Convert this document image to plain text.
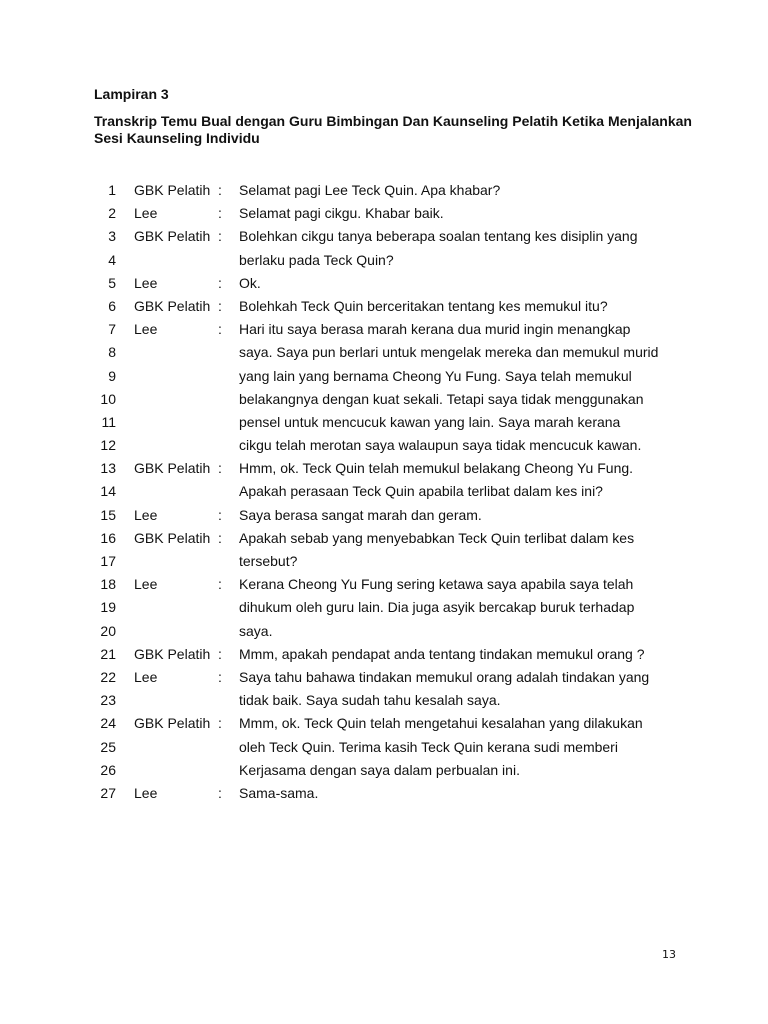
Lampiran 3

Transkrip Temu Bual dengan Guru Bimbingan Dan Kaunseling Pelatih Ketika Menjalankan Sesi Kaunseling Individu

1 GBK Pelatih : Selamat pagi Lee Teck Quin. Apa khabar?
2 Lee	: Selamat pagi cikgu. Khabar baik.
3 GBK Pelatih : Bolehkan cikgu tanya beberapa soalan tentang kes disiplin yang
4	berlaku pada Teck Quin?
5 Lee	: Ok.
6 GBK Pelatih : Bolehkah Teck Quin berceritakan tentang kes memukul itu?
7 Lee	: Hari itu saya berasa marah kerana dua murid ingin menangkap
8	saya. Saya pun berlari untuk mengelak mereka dan memukul murid
9	yang lain yang bernama Cheong Yu Fung. Saya telah memukul
10	belakangnya dengan kuat sekali. Tetapi saya tidak menggunakan
11	pensel untuk mencucuk kawan yang lain. Saya marah kerana
12	cikgu telah merotan saya walaupun saya tidak mencucuk kawan.
13 GBK Pelatih : Hmm, ok. Teck Quin telah memukul belakang Cheong Yu Fung.
14	Apakah perasaan Teck Quin apabila terlibat dalam kes ini?
15 Lee	: Saya berasa sangat marah dan geram.
16 GBK Pelatih : Apakah sebab yang menyebabkan Teck Quin terlibat dalam kes
17	tersebut?
18 Lee	: Kerana Cheong Yu Fung sering ketawa saya apabila saya telah
19	dihukum oleh guru lain. Dia juga asyik bercakap buruk terhadap
20	saya.
21 GBK Pelatih : Mmm, apakah pendapat anda tentang tindakan memukul orang ?
22 Lee	: Saya tahu bahawa tindakan memukul orang adalah tindakan yang
23	tidak baik. Saya sudah tahu kesalah saya.
24 GBK Pelatih : Mmm, ok. Teck Quin telah mengetahui kesalahan yang dilakukan
25	oleh Teck Quin. Terima kasih Teck Quin kerana sudi memberi
26	Kerjasama dengan saya dalam perbualan ini.
27 Lee	: Sama-sama.
13
